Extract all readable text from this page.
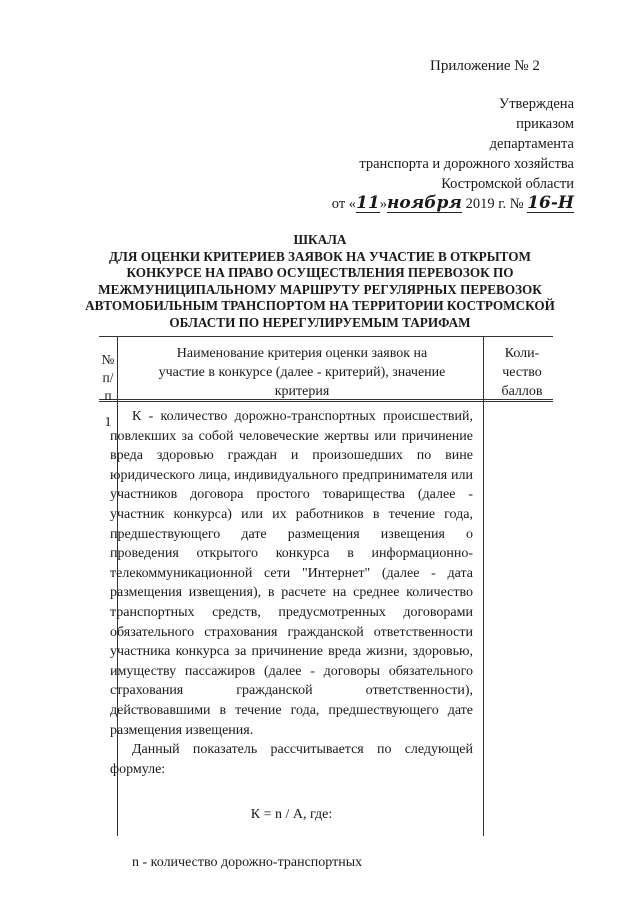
Приложение № 2
Утверждена
приказом
департамента
транспорта и дорожного хозяйства
Костромской области
от «11»ноября 2019 г. № 16-Н
ШКАЛА
ДЛЯ ОЦЕНКИ КРИТЕРИЕВ ЗАЯВОК НА УЧАСТИЕ В ОТКРЫТОМ
КОНКУРСЕ НА ПРАВО ОСУЩЕСТВЛЕНИЯ ПЕРЕВОЗОК ПО
МЕЖМУНИЦИПАЛЬНОМУ МАРШРУТУ РЕГУЛЯРНЫХ ПЕРЕВОЗОК
АВТОМОБИЛЬНЫМ ТРАНСПОРТОМ НА ТЕРРИТОРИИ КОСТРОМСКОЙ
ОБЛАСТИ ПО НЕРЕГУЛИРУЕМЫМ ТАРИФАМ
№
п/п
Наименование критерия оценки заявок на
участие в конкурсе (далее - критерий), значение
критерия
Коли-
чество
баллов
1	К - количество дорожно-транспортных происшествий, повлекших за собой человеческие жертвы или причинение вреда здоровью граждан и произошедших по вине юридического лица, индивидуального предпринимателя или участников договора простого товарищества (далее - участник конкурса) или их работников в течение года, предшествующего дате размещения извещения о проведения открытого конкурса в информационно-телекоммуникационной сети "Интернет" (далее - дата размещения извещения), в расчете на среднее количество транспортных средств, предусмотренных договорами обязательного страхования гражданской ответственности участника конкурса за причинение вреда жизни, здоровью, имуществу пассажиров (далее - договоры обязательного страхования гражданской ответственности), действовавшими в течение года, предшествующего дате размещения извещения.

Данный показатель рассчитывается по следующей формуле:

К = n / А, где:

n - количество дорожно-транспортных
